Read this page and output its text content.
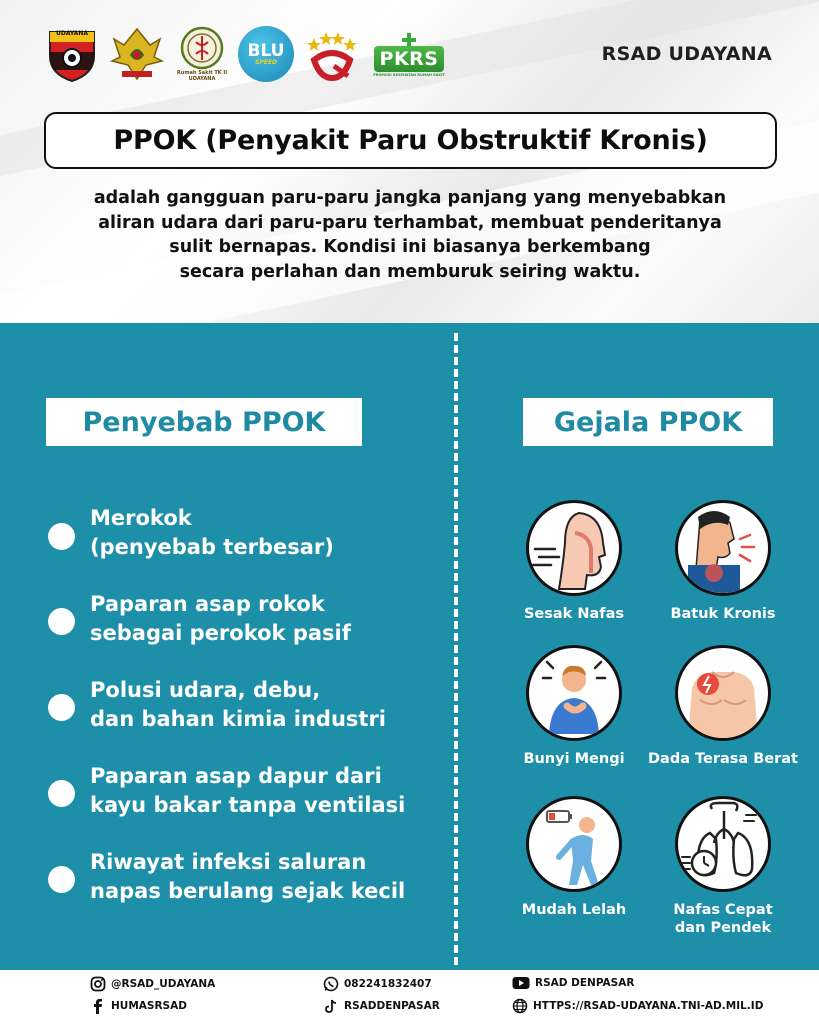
UDAYANA
Rumah Sakit TK II UDAYANA
BLU
SPEED	PKRS
PROMOSI KESEHATAN RUMAH SAKIT
RSAD UDAYANA
PPOK (Penyakit Paru Obstruktif Kronis)
adalah gangguan paru-paru jangka panjang yang menyebabkan
aliran udara dari paru-paru terhambat, membuat penderitanya
sulit bernapas. Kondisi ini biasanya berkembang
secara perlahan dan memburuk seiring waktu.
Penyebab PPOK	Gejala PPOK
Merokok
(penyebab terbesar)
Paparan asap rokok
sebagai perokok pasif
Polusi udara, debu,
dan bahan kimia industri
Paparan asap dapur dari
kayu bakar tanpa ventilasi
Riwayat infeksi saluran
napas berulang sejak kecil
Sesak Nafas	Batuk Kronis
Bunyi Mengi	Dada Terasa Berat
Mudah Lelah	Nafas Cepat
dan Pendek
@RSAD_UDAYANA
HUMASRSAD
082241832407
RSADDENPASAR
RSAD DENPASAR
HTTPS://RSAD-UDAYANA.TNI-AD.MIL.ID
